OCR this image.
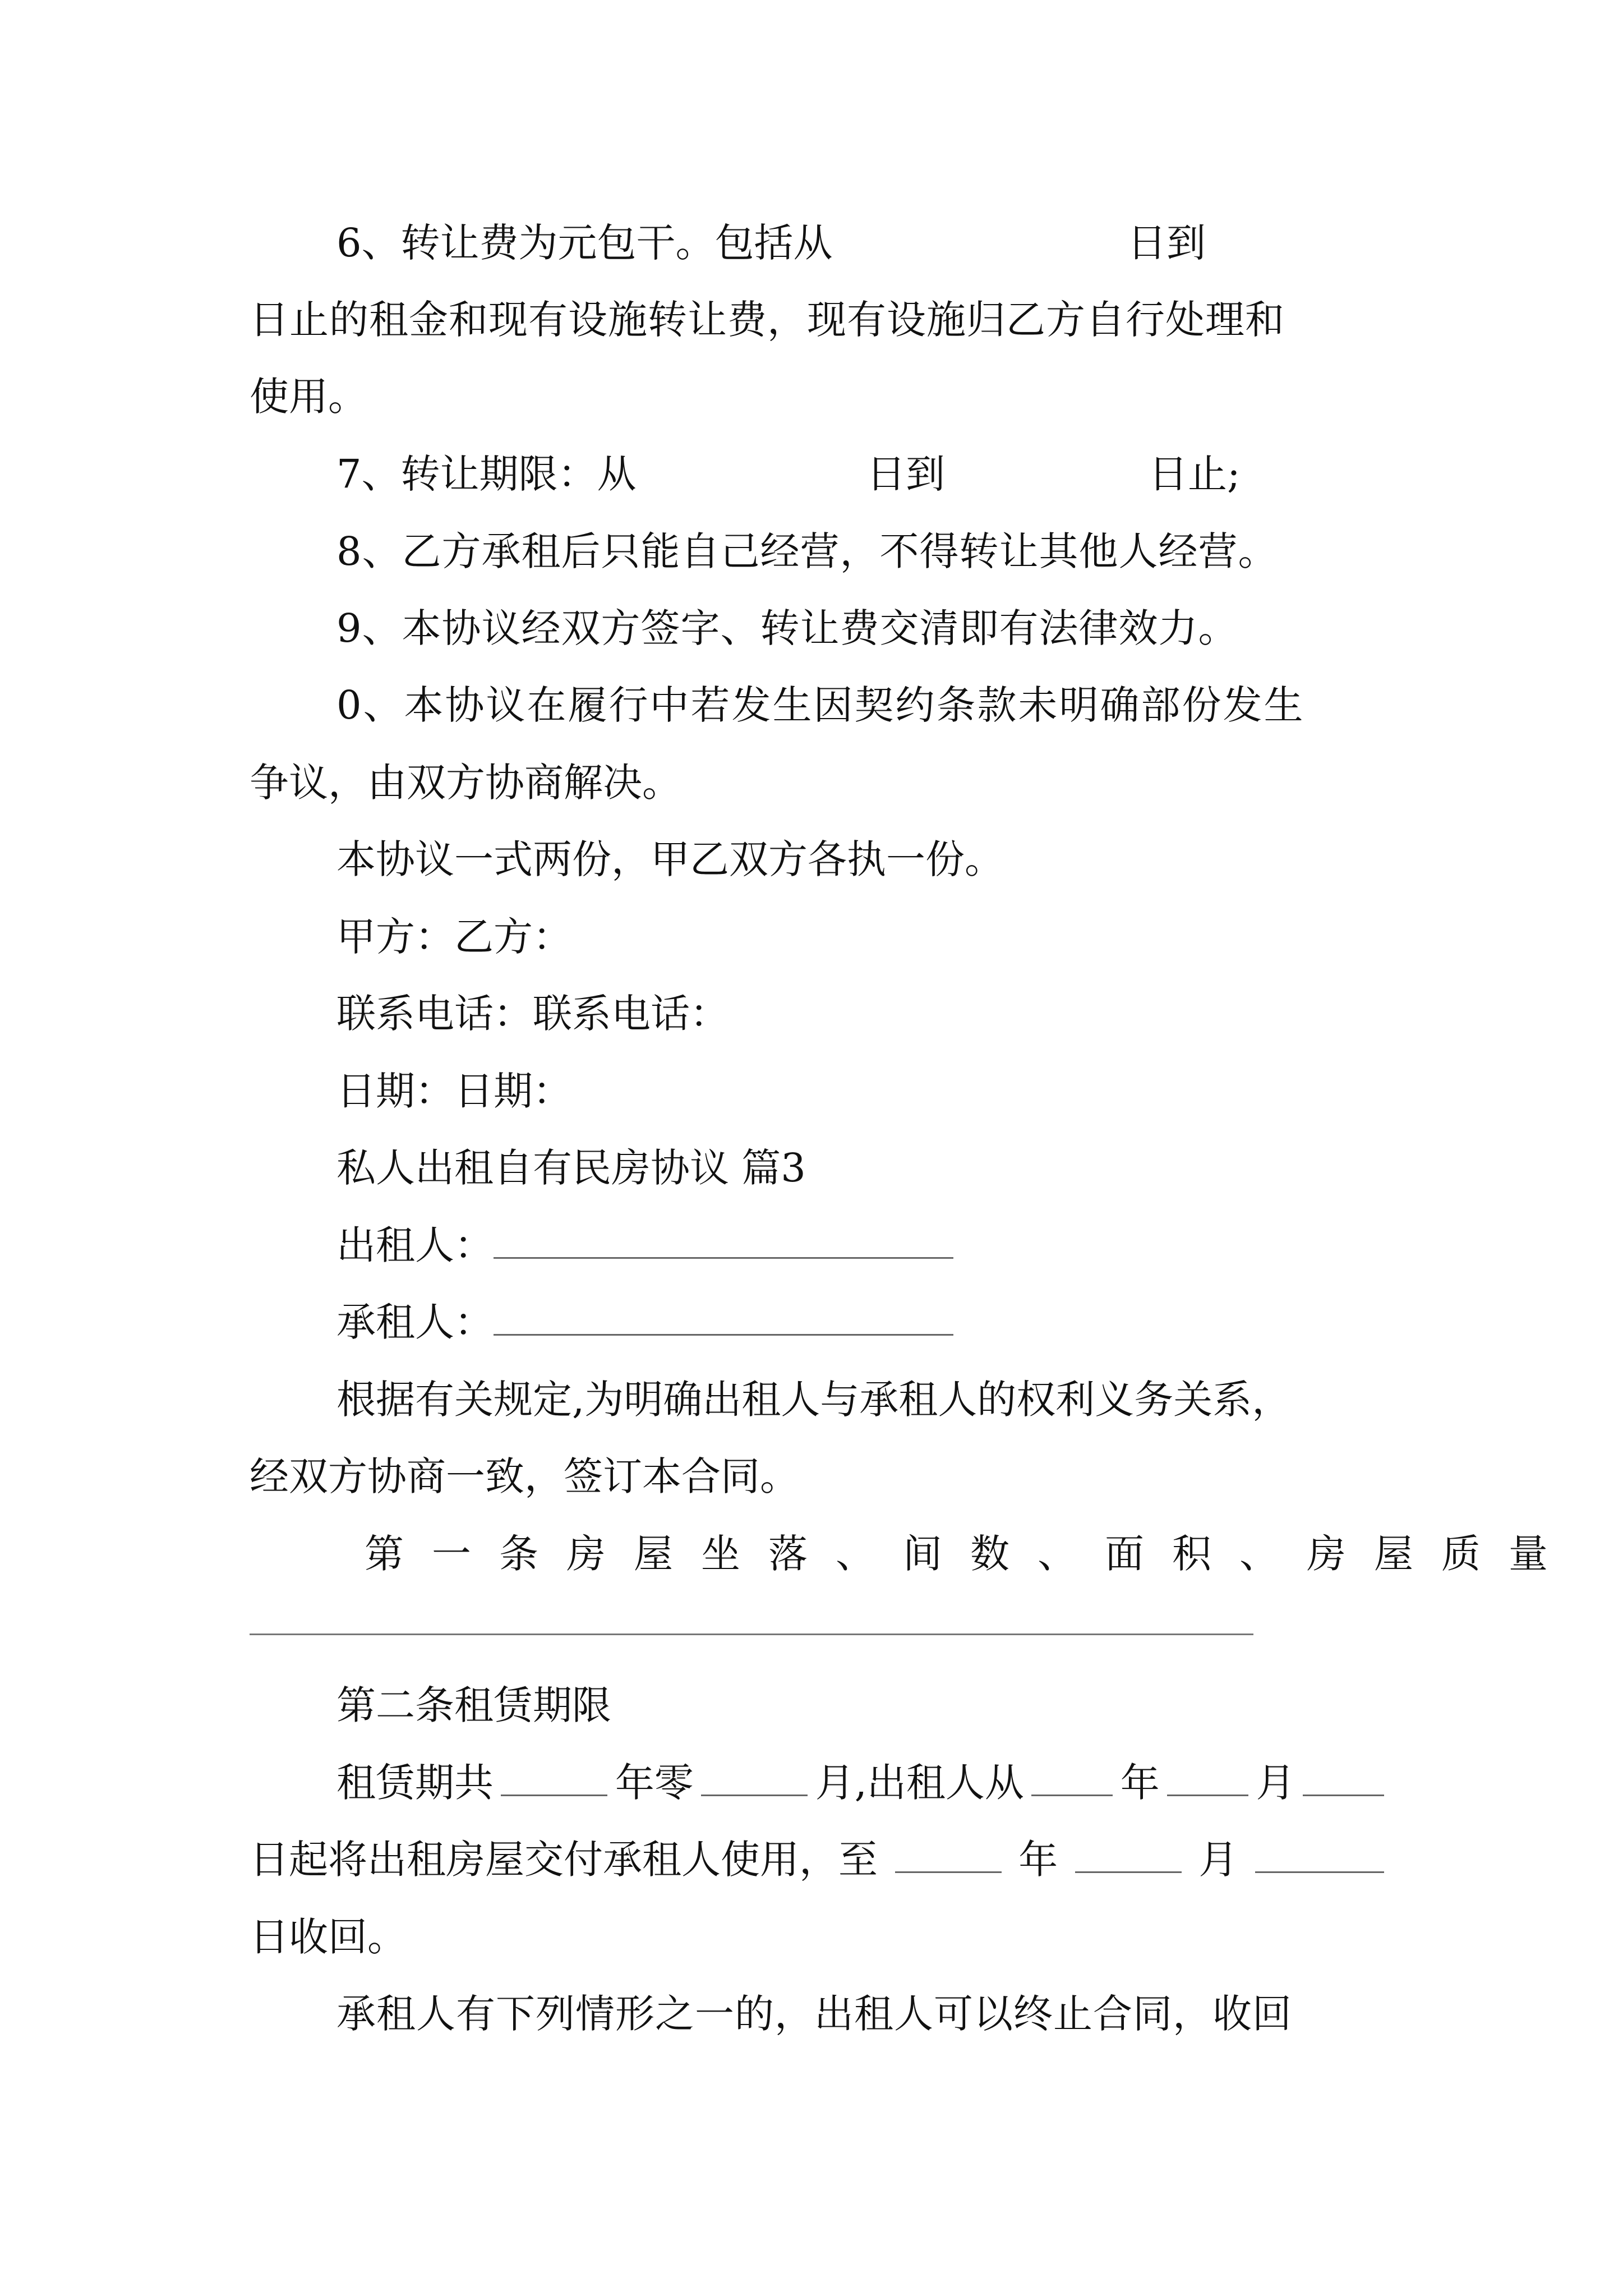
6、转让费为元包干。包括从	日到
日止的租金和现有设施转让费，现有设施归乙方自行处理和
使用。
7、转让期限：从	日到	日止;
8、乙方承租后只能自己经营，不得转让其他人经营。
9、本协议经双方签字、转让费交清即有法律效力。
0、本协议在履行中若发生因契约条款未明确部份发生
争议，由双方协商解决。
本协议一式两份，甲乙双方各执一份。
甲方：乙方：
联系电话：联系电话：
日期：日期：
私人出租自有民房协议 篇3
出租人：
承租人：
根据有关规定,为明确出租人与承租人的权利义务关系，
经双方协商一致，签订本合同。
第一条房屋坐落、间数、面积、房屋质量
第二条租赁期限
租赁期共	年零	月,出租人从 年 月
日起将出租房屋交付承租人使用，至	年	月
日收回。
承租人有下列情形之一的，出租人可以终止合同，收回
